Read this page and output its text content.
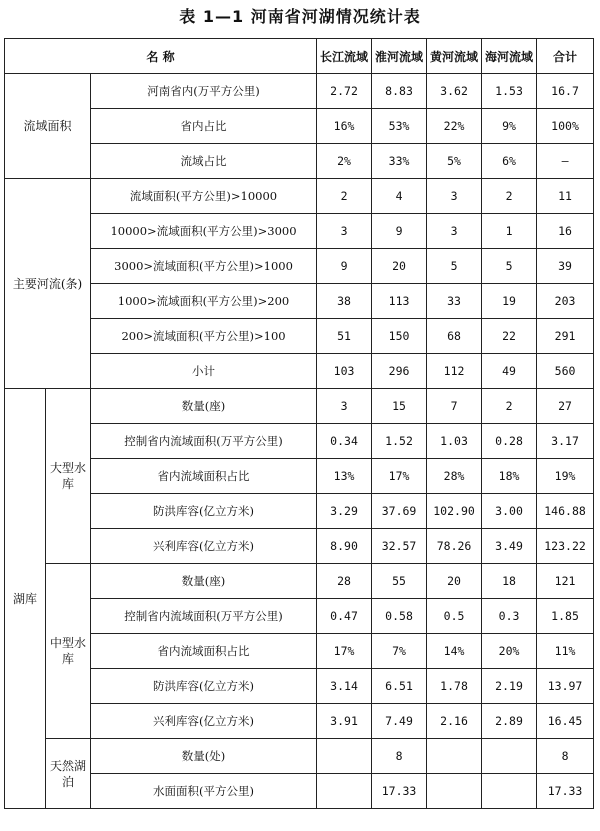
表 1—1 河南省河湖情况统计表
名 称			长江流域	淮河流域	黄河流域	海河流域	合计
流域面积		河南省内(万平方公里)	2.72	8.83	3.62	1.53	16.7
		省内占比	16%	53%	22%	9%	100%
		流域占比	2%	33%	5%	6%	—
主要河流(条)		流域面积(平方公里)>10000	2	4	3	2	11
		10000>流域面积(平方公里)>3000	3	9	3	1	16
		3000>流域面积(平方公里)>1000	9	20	5	5	39
		1000>流域面积(平方公里)>200	38	113	33	19	203
		200>流域面积(平方公里)>100	51	150	68	22	291
		小计	103	296	112	49	560
湖库	大型水库	数量(座)	3	15	7	2	27
		控制省内流域面积(万平方公里)	0.34	1.52	1.03	0.28	3.17
		省内流域面积占比	13%	17%	28%	18%	19%
		防洪库容(亿立方米)	3.29	37.69	102.90	3.00	146.88
		兴利库容(亿立方米)	8.90	32.57	78.26	3.49	123.22
	中型水库	数量(座)	28	55	20	18	121
		控制省内流域面积(万平方公里)	0.47	0.58	0.5	0.3	1.85
		省内流域面积占比	17%	7%	14%	20%	11%
		防洪库容(亿立方米)	3.14	6.51	1.78	2.19	13.97
		兴利库容(亿立方米)	3.91	7.49	2.16	2.89	16.45
	天然湖泊	数量(处)		8			8
		水面面积(平方公里)		17.33			17.33
